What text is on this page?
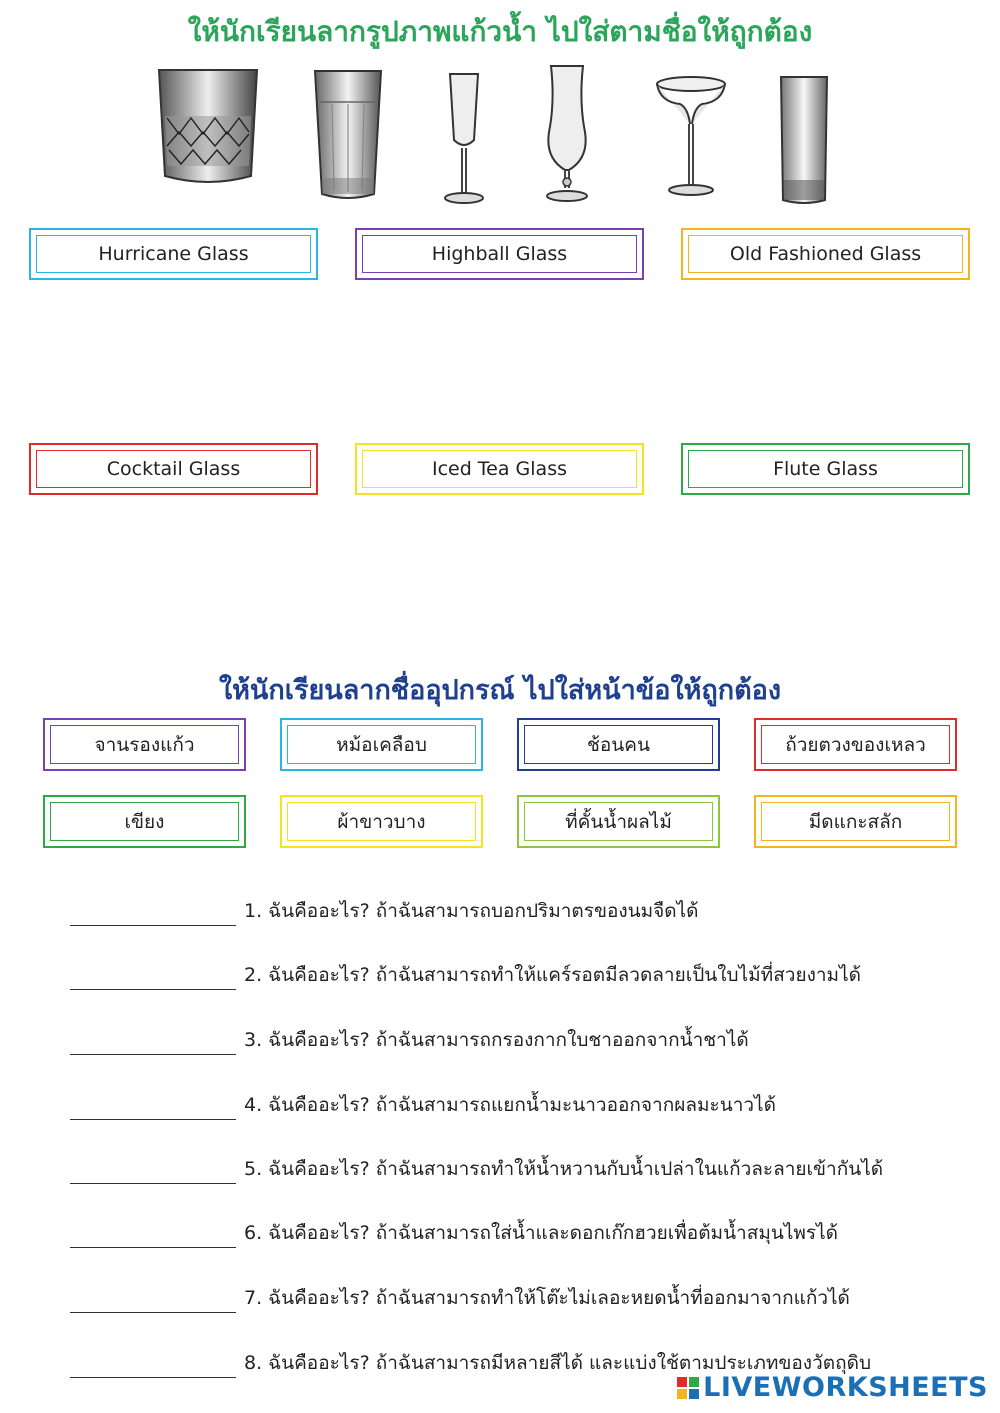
ให้นักเรียนลากรูปภาพแก้วน้ำ ไปใส่ตามชื่อให้ถูกต้อง
Hurricane Glass	Highball Glass	Old Fashioned Glass
Cocktail Glass	Iced Tea Glass	Flute Glass
ให้นักเรียนลากชื่ออุปกรณ์ ไปใส่หน้าข้อให้ถูกต้อง
จานรองแก้ว	หม้อเคลือบ	ช้อนคน	ถ้วยตวงของเหลว
เขียง	ผ้าขาวบาง	ที่คั้นน้ำผลไม้	มีดแกะสลัก
1. ฉันคืออะไร? ถ้าฉันสามารถบอกปริมาตรของนมจืดได้
2. ฉันคืออะไร? ถ้าฉันสามารถทำให้แคร์รอตมีลวดลายเป็นใบไม้ที่สวยงามได้
3. ฉันคืออะไร? ถ้าฉันสามารถกรองกากใบชาออกจากน้ำชาได้
4. ฉันคืออะไร? ถ้าฉันสามารถแยกน้ำมะนาวออกจากผลมะนาวได้
5. ฉันคืออะไร? ถ้าฉันสามารถทำให้น้ำหวานกับน้ำเปล่าในแก้วละลายเข้ากันได้
6. ฉันคืออะไร? ถ้าฉันสามารถใส่น้ำและดอกเก๊กฮวยเพื่อต้มน้ำสมุนไพรได้
7. ฉันคืออะไร? ถ้าฉันสามารถทำให้โต๊ะไม่เลอะหยดน้ำที่ออกมาจากแก้วได้
8. ฉันคืออะไร? ถ้าฉันสามารถมีหลายสีได้ และแบ่งใช้ตามประเภทของวัตถุดิบ
LIVEWORKSHEETS
